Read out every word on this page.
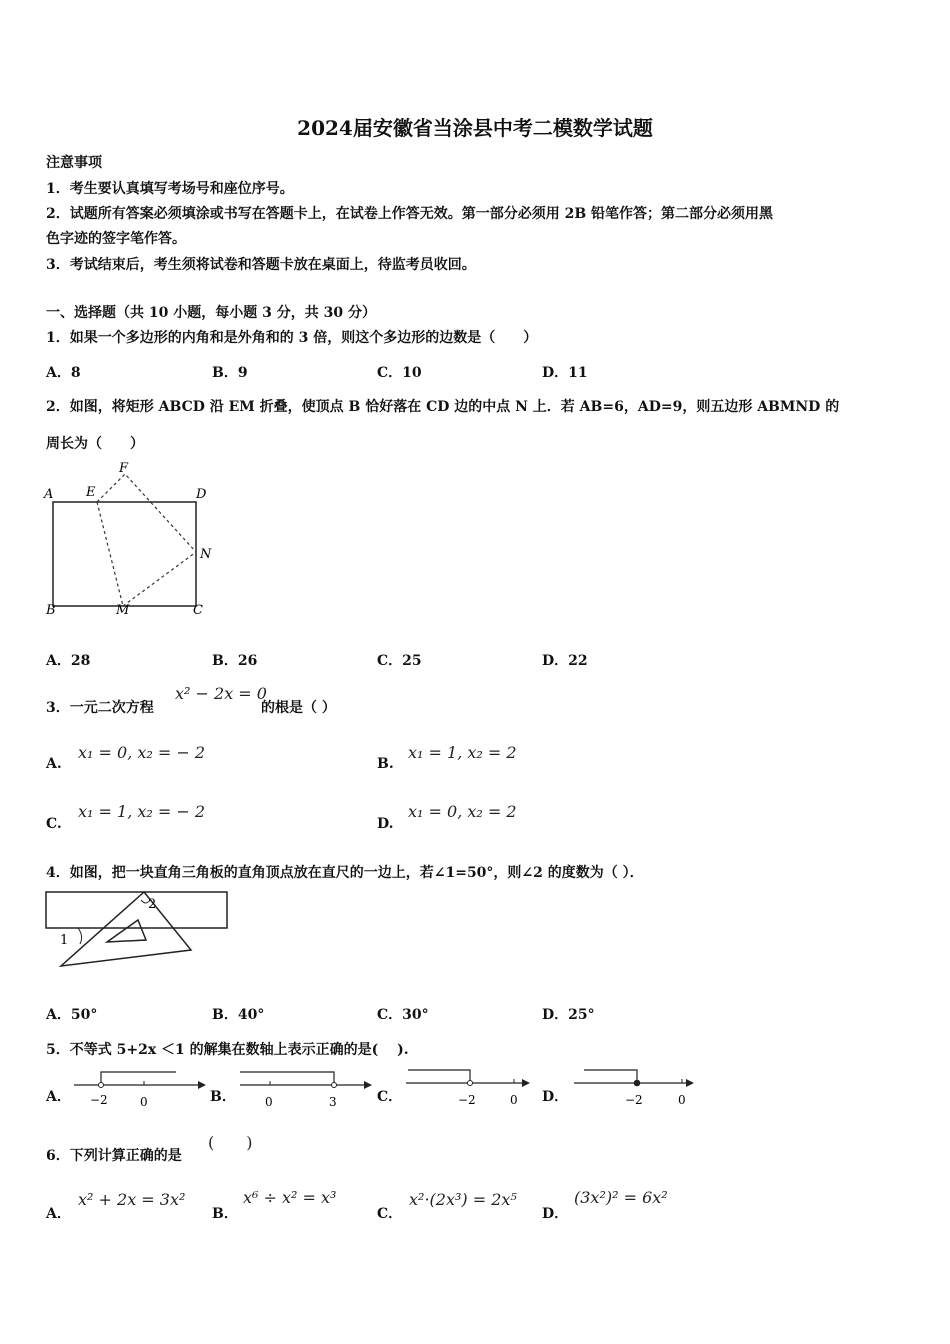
2024届安徽省当涂县中考二模数学试题
注意事项
1．考生要认真填写考场号和座位序号。
2．试题所有答案必须填涂或书写在答题卡上，在试卷上作答无效。第一部分必须用 2B 铅笔作答；第二部分必须用黑
色字迹的签字笔作答。
3．考试结束后，考生须将试卷和答题卡放在桌面上，待监考员收回。
一、选择题（共 10 小题，每小题 3 分，共 30 分）
1．如果一个多边形的内角和是外角和的 3 倍，则这个多边形的边数是（　　）
A．8	B．9	C．10	D．11
2．如图，将矩形 ABCD 沿 EM 折叠，使顶点 B 恰好落在 CD 边的中点 N 上．若 AB=6，AD=9，则五边形 ABMND 的
周长为（　　）
A	E
F
D
N
B	M	C
A．28	B．26	C．25	D．22
3．一元二次方程
x² − 2x = 0
的根是（ ）
A.
x₁ = 0, x₂ = − 2
B.
x₁ = 1, x₂ = 2
C.
x₁ = 1, x₂ = − 2
D.
x₁ = 0, x₂ = 2
4．如图，把一块直角三角板的直角顶点放在直尺的一边上，若∠1=50°，则∠2 的度数为（ ）．
2
1
A．50°	B．40°	C．30°	D．25°
5．不等式 5+2x ＜1 的解集在数轴上表示正确的是(　 ).
A． −2	0	B． 0	3	C．	−2	0 D．	−2	0
6．下列计算正确的是
(　　)
A．
x² + 2x = 3x²
B．
x⁶ ÷ x² = x³
C．
x²·(2x³) = 2x⁵
D．
(3x²)² = 6x²
